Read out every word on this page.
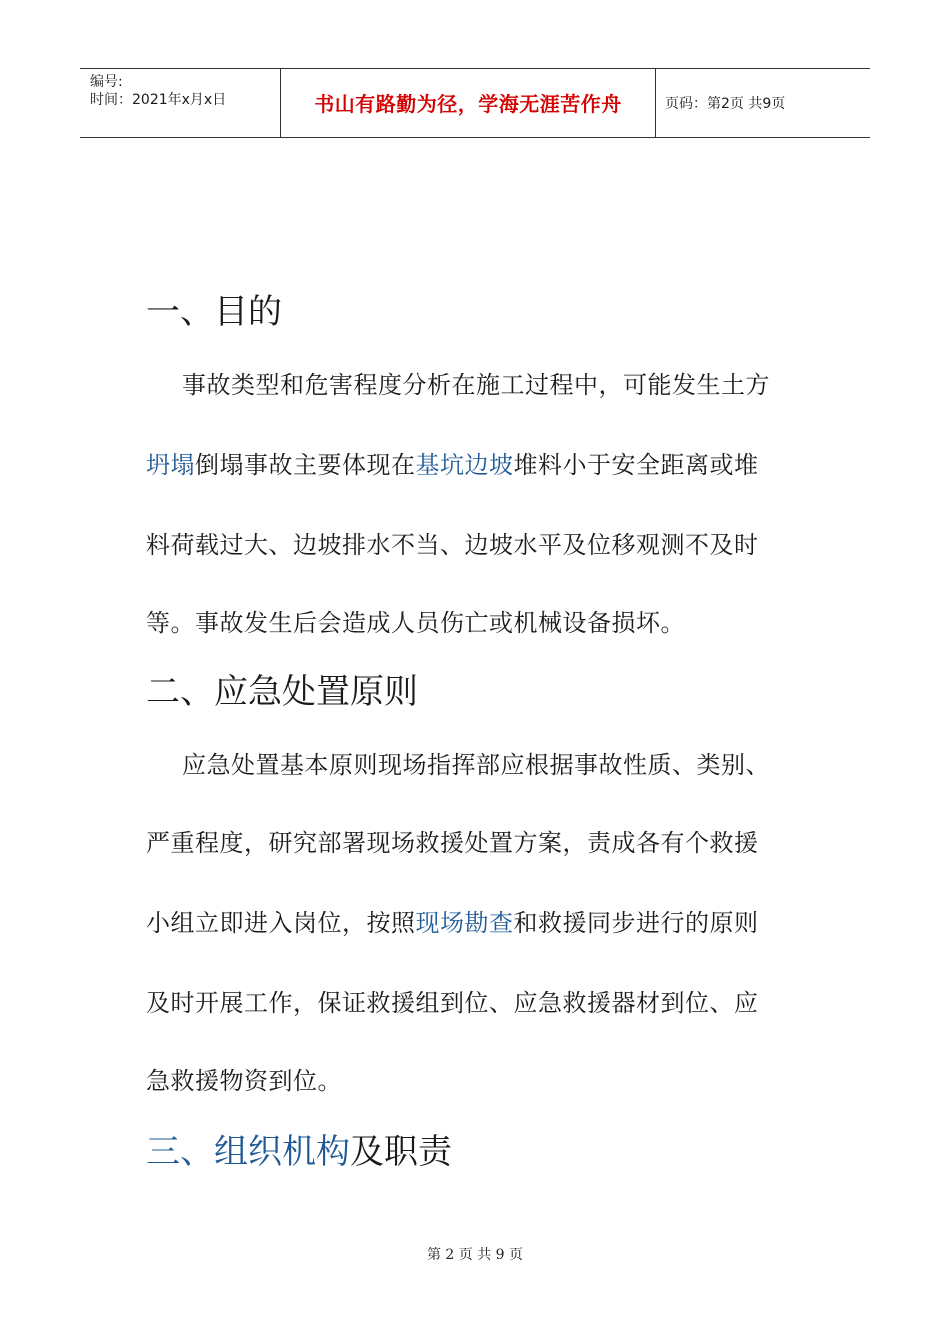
编号:
时间：2021年x月x日	书山有路勤为径，学海无涯苦作舟	页码：第2页 共9页
一、目的
事故类型和危害程度分析在施工过程中，可能发生土方
坍塌倒塌事故主要体现在基坑边坡堆料小于安全距离或堆
料荷载过大、边坡排水不当、边坡水平及位移观测不及时
等。事故发生后会造成人员伤亡或机械设备损坏。
二、应急处置原则
应急处置基本原则现场指挥部应根据事故性质、类别、
严重程度，研究部署现场救援处置方案，责成各有个救援
小组立即进入岗位，按照现场勘查和救援同步进行的原则
及时开展工作，保证救援组到位、应急救援器材到位、应
急救援物资到位。
三、组织机构及职责
第 2 页 共 9 页
